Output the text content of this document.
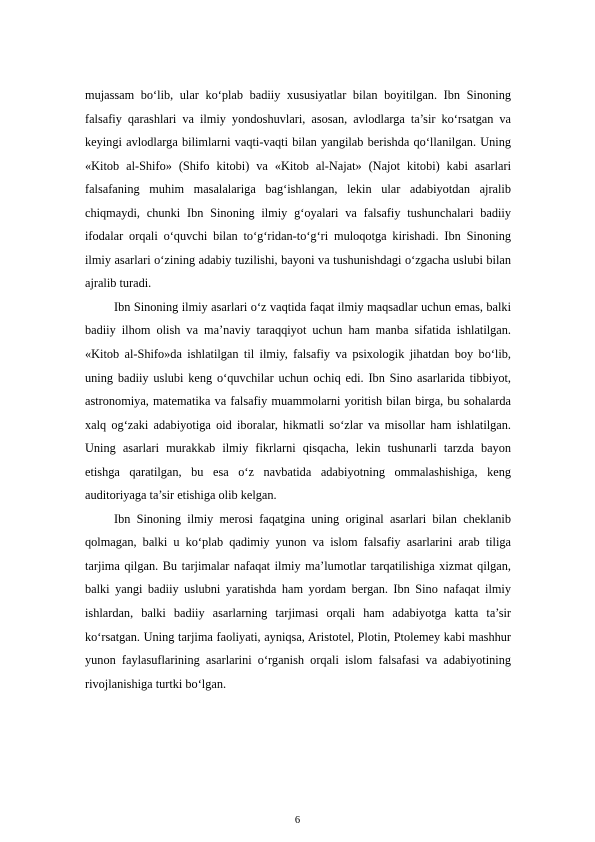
mujassam bo‘lib, ular ko‘plab badiiy xususiyatlar bilan boyitilgan. Ibn Sinoning falsafiy qarashlari va ilmiy yondoshuvlari, asosan, avlodlarga ta’sir ko‘rsatgan va keyingi avlodlarga bilimlarni vaqti-vaqti bilan yangilab berishda qo‘llanilgan. Uning «Kitob al-Shifo» (Shifo kitobi) va «Kitob al-Najat» (Najot kitobi) kabi asarlari falsafaning muhim masalalariga bag‘ishlangan, lekin ular adabiyotdan ajralib chiqmaydi, chunki Ibn Sinoning ilmiy g‘oyalari va falsafiy tushunchalari badiiy ifodalar orqali o‘quvchi bilan to‘g‘ridan-to‘g‘ri muloqotga kirishadi. Ibn Sinoning ilmiy asarlari o‘zining adabiy tuzilishi, bayoni va tushunishdagi o‘zgacha uslubi bilan ajralib turadi.

Ibn Sinoning ilmiy asarlari o‘z vaqtida faqat ilmiy maqsadlar uchun emas, balki badiiy ilhom olish va ma’naviy taraqqiyot uchun ham manba sifatida ishlatilgan. «Kitob al-Shifo»da ishlatilgan til ilmiy, falsafiy va psixologik jihatdan boy bo‘lib, uning badiiy uslubi keng o‘quvchilar uchun ochiq edi. Ibn Sino asarlarida tibbiyot, astronomiya, matematika va falsafiy muammolarni yoritish bilan birga, bu sohalarda xalq og‘zaki adabiyotiga oid iboralar, hikmatli so‘zlar va misollar ham ishlatilgan. Uning asarlari murakkab ilmiy fikrlarni qisqacha, lekin tushunarli tarzda bayon etishga qaratilgan, bu esa o‘z navbatida adabiyotning ommalashishiga, keng auditoriyaga ta’sir etishiga olib kelgan.

Ibn Sinoning ilmiy merosi faqatgina uning original asarlari bilan cheklanib qolmagan, balki u ko‘plab qadimiy yunon va islom falsafiy asarlarini arab tiliga tarjima qilgan. Bu tarjimalar nafaqat ilmiy ma’lumotlar tarqatilishiga xizmat qilgan, balki yangi badiiy uslubni yaratishda ham yordam bergan. Ibn Sino nafaqat ilmiy ishlardan, balki badiiy asarlarning tarjimasi orqali ham adabiyotga katta ta’sir ko‘rsatgan. Uning tarjima faoliyati, ayniqsa, Aristotel, Plotin, Ptolemey kabi mashhur yunon faylasuflarining asarlarini o‘rganish orqali islom falsafasi va adabiyotining rivojlanishiga turtki bo‘lgan.

6
